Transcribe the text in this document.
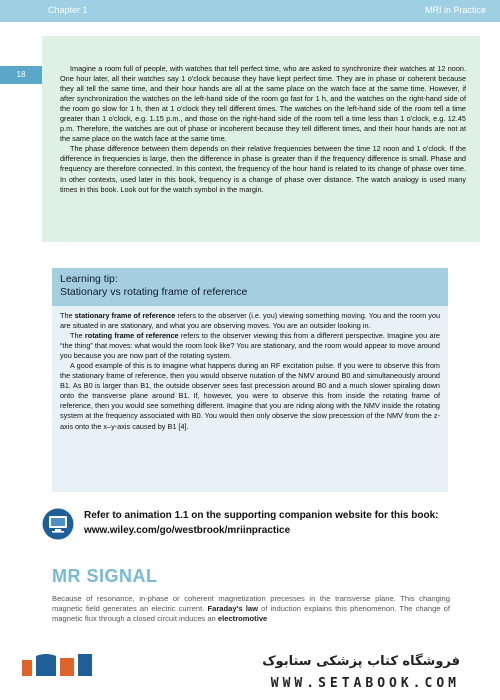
Chapter 1	MRI in Practice
18

Imagine a room full of people, with watches that tell perfect time, who are asked to synchronize their watches at 12 noon. One hour later, all their watches say 1 o'clock because they have kept perfect time. They are in phase or coherent because they all tell the same time, and their hour hands are all at the same place on the watch face at the same time. However, if after synchronization the watches on the left-hand side of the room go fast for 1 h, and the watches on the right-hand side of the room go slow for 1 h, then at 1 o'clock they tell different times. The watches on the left-hand side of the room tell a time greater than 1 o'clock, e.g. 1.15 p.m., and those on the right-hand side of the room tell a time less than 1 o'clock, e.g. 12.45 p.m. Therefore, the watches are out of phase or incoherent because they tell different times, and their hour hands are not at the same place on the watch face at the same time.

The phase difference between them depends on their relative frequencies between the time 12 noon and 1 o'clock. If the difference in frequencies is large, then the difference in phase is greater than if the frequency difference is small. Phase and frequency are therefore connected. In this context, the frequency of the hour hand is related to its change of phase over time. In other contexts, used later in this book, frequency is a change of phase over distance. The watch analogy is used many times in this book. Look out for the watch symbol in the margin.

Learning tip:
Stationary vs rotating frame of reference

The stationary frame of reference refers to the observer (i.e. you) viewing something moving. You and the room you are situated in are stationary, and what you are observing moves. You are an outsider looking in.

The rotating frame of reference refers to the observer viewing this from a different perspective. Imagine you are “the thing” that moves: what would the room look like? You are stationary, and the room would appear to move around you because you are now part of the rotating system.

A good example of this is to imagine what happens during an RF excitation pulse. If you were to observe this from the stationary frame of reference, then you would observe nutation of the NMV around B0 and simultaneously around B1. As B0 is larger than B1, the outside observer sees fast precession around B0 and a much slower spiraling down onto the transverse plane around B1. If, however, you were to observe this from inside the rotating frame of reference, then you would see something different. Imagine that you are riding along with the NMV inside the rotating system at the frequency associated with B0. You would then only observe the slow precession of the NMV from the z-axis onto the x–y-axis caused by B1 [4].

Refer to animation 1.1 on the supporting companion website for this book:
www.wiley.com/go/westbrook/mriinpractice
MR SIGNAL

Because of resonance, in-phase or coherent magnetization precesses in the transverse plane. This changing magnetic field generates an electric current. Faraday's law of induction explains this phenomenon. The change of magnetic flux through a closed circuit induces an electromotive

فروشگاه کتاب پزشکی ستابوک
WWW.SETABOOK.COM
